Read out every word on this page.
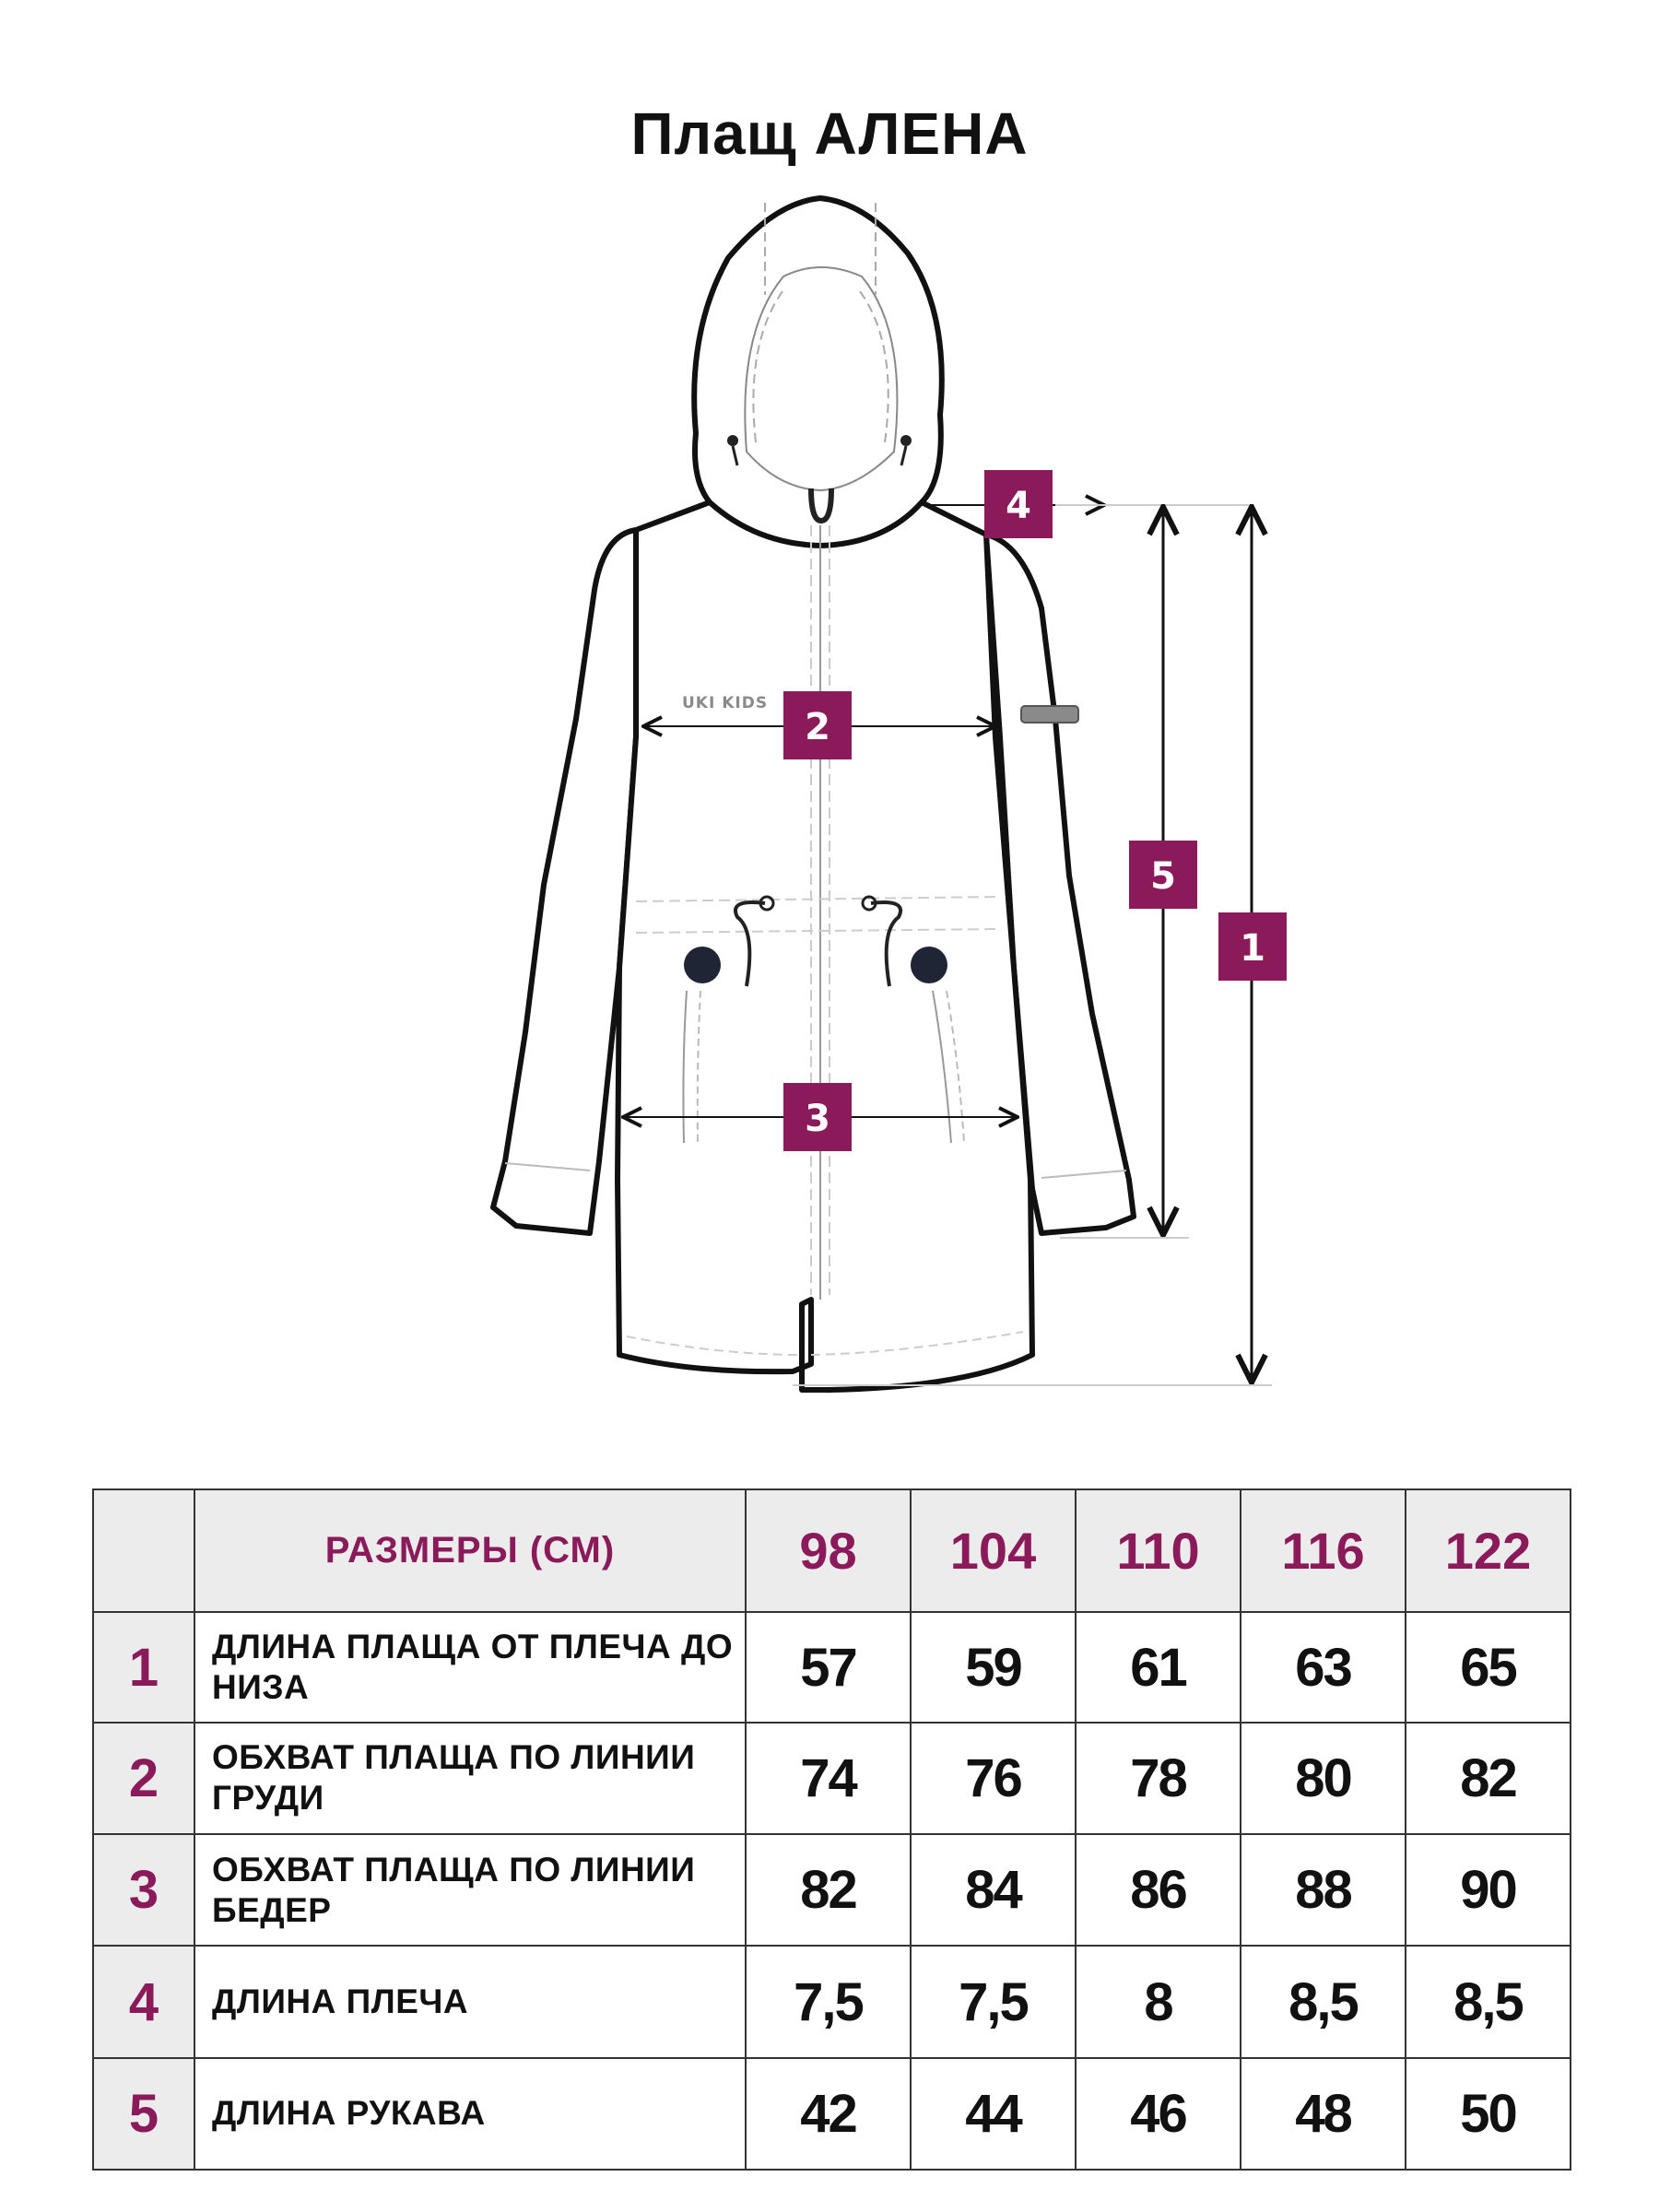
Плащ АЛЕНА
UKI KIDS
2
3
4
5
1
	РАЗМЕРЫ (СМ)	98	104	110	116	122
1	ДЛИНА ПЛАЩА ОТ ПЛЕЧА ДО НИЗА	57	59	61	63	65
2	ОБХВАТ ПЛАЩА ПО ЛИНИИ ГРУДИ	74	76	78	80	82
3	ОБХВАТ ПЛАЩА ПО ЛИНИИ БЕДЕР	82	84	86	88	90
4	ДЛИНА ПЛЕЧА	7,5	7,5	8	8,5	8,5
5	ДЛИНА РУКАВА	42	44	46	48	50
